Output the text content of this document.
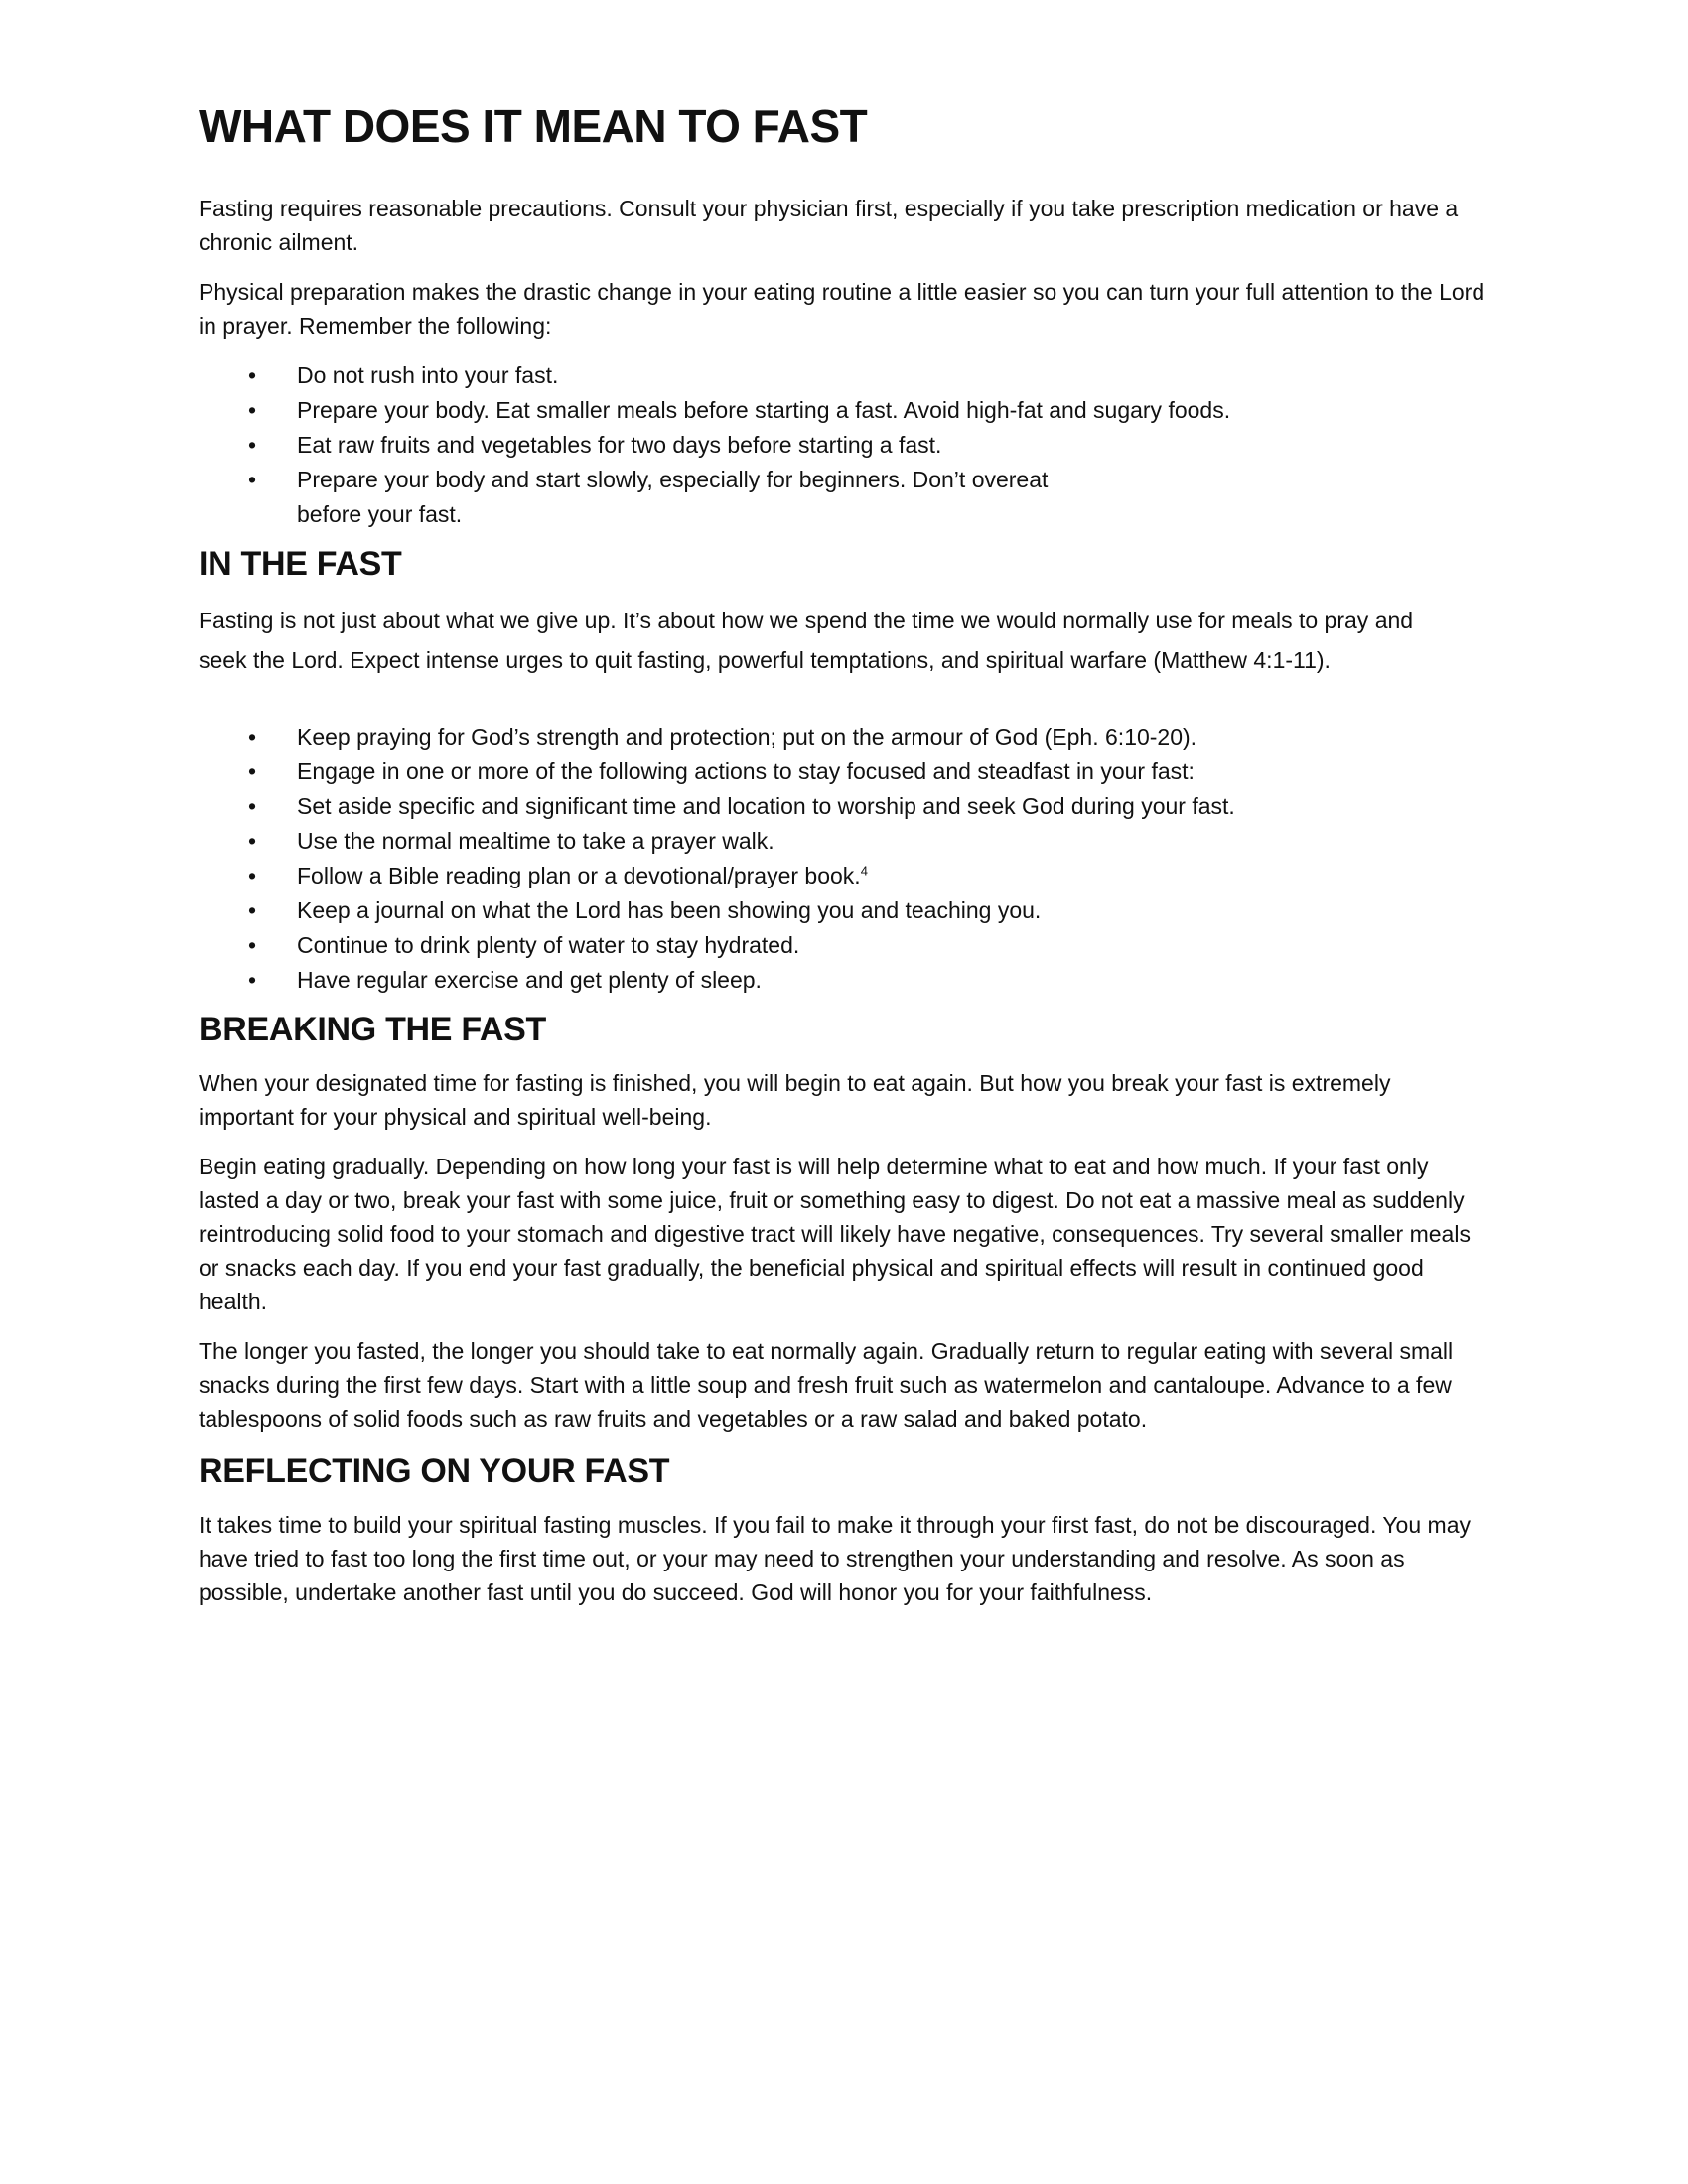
WHAT DOES IT MEAN TO FAST

Fasting requires reasonable precautions. Consult your physician first, especially if you take prescription medication or have a chronic ailment.

Physical preparation makes the drastic change in your eating routine a little easier so you can turn your full attention to the Lord in prayer. Remember the following:

• Do not rush into your fast.
• Prepare your body. Eat smaller meals before starting a fast. Avoid high-fat and sugary foods.
• Eat raw fruits and vegetables for two days before starting a fast.
• Prepare your body and start slowly, especially for beginners. Don’t overeat before your fast.
IN THE FAST

Fasting is not just about what we give up. It’s about how we spend the time we would normally use for meals to pray and seek the Lord. Expect intense urges to quit fasting, powerful temptations, and spiritual warfare (Matthew 4:1-11).

• Keep praying for God’s strength and protection; put on the armour of God (Eph. 6:10-20).
• Engage in one or more of the following actions to stay focused and steadfast in your fast:
• Set aside specific and significant time and location to worship and seek God during your fast.
• Use the normal mealtime to take a prayer walk.
• Follow a Bible reading plan or a devotional/prayer book.$^4$
• Keep a journal on what the Lord has been showing you and teaching you.
• Continue to drink plenty of water to stay hydrated.
• Have regular exercise and get plenty of sleep.
BREAKING THE FAST

When your designated time for fasting is finished, you will begin to eat again. But how you break your fast is extremely important for your physical and spiritual well-being.

Begin eating gradually. Depending on how long your fast is will help determine what to eat and how much. If your fast only lasted a day or two, break your fast with some juice, fruit or something easy to digest. Do not eat a massive meal as suddenly reintroducing solid food to your stomach and digestive tract will likely have negative, consequences. Try several smaller meals or snacks each day. If you end your fast gradually, the beneficial physical and spiritual effects will result in continued good health.

The longer you fasted, the longer you should take to eat normally again. Gradually return to regular eating with several small snacks during the first few days. Start with a little soup and fresh fruit such as watermelon and cantaloupe. Advance to a few tablespoons of solid foods such as raw fruits and vegetables or a raw salad and baked potato.

REFLECTING ON YOUR FAST

It takes time to build your spiritual fasting muscles. If you fail to make it through your first fast, do not be discouraged. You may have tried to fast too long the first time out, or your may need to strengthen your understanding and resolve. As soon as possible, undertake another fast until you do succeed. God will honor you for your faithfulness.
